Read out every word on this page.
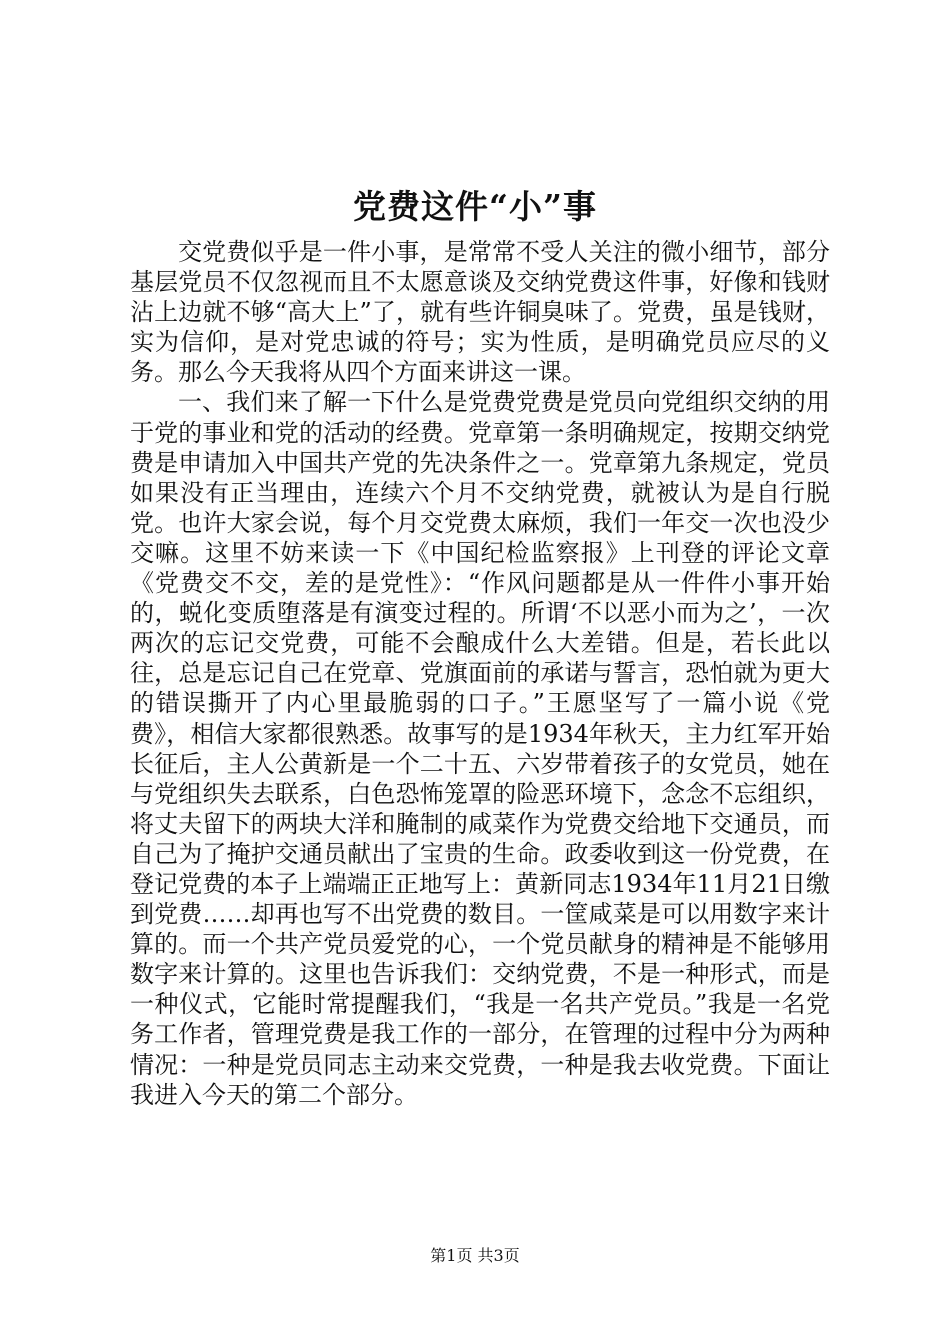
党费这件“小”事

交党费似乎是一件小事，是常常不受人关注的微小细节，部分基层党员不仅忽视而且不太愿意谈及交纳党费这件事，好像和钱财沾上边就不够“高大上”了，就有些许铜臭味了。党费，虽是钱财，实为信仰，是对党忠诚的符号；实为性质，是明确党员应尽的义务。那么今天我将从四个方面来讲这一课。

一、我们来了解一下什么是党费党费是党员向党组织交纳的用于党的事业和党的活动的经费。党章第一条明确规定，按期交纳党费是申请加入中国共产党的先决条件之一。党章第九条规定，党员如果没有正当理由，连续六个月不交纳党费，就被认为是自行脱党。也许大家会说，每个月交党费太麻烦，我们一年交一次也没少交嘛。这里不妨来读一下《中国纪检监察报》上刊登的评论文章《党费交不交，差的是党性》：“作风问题都是从一件件小事开始的，蜕化变质堕落是有演变过程的。所谓‘不以恶小而为之’，一次两次的忘记交党费，可能不会酿成什么大差错。但是，若长此以往，总是忘记自己在党章、党旗面前的承诺与誓言，恐怕就为更大的错误撕开了内心里最脆弱的口子。”王愿坚写了一篇小说《党费》，相信大家都很熟悉。故事写的是1934年秋天，主力红军开始长征后，主人公黄新是一个二十五、六岁带着孩子的女党员，她在与党组织失去联系，白色恐怖笼罩的险恶环境下，念念不忘组织，将丈夫留下的两块大洋和腌制的咸菜作为党费交给地下交通员，而自己为了掩护交通员献出了宝贵的生命。政委收到这一份党费，在登记党费的本子上端端正正地写上：黄新同志1934年11月21日缴到党费……却再也写不出党费的数目。一筐咸菜是可以用数字来计算的。而一个共产党员爱党的心，一个党员献身的精神是不能够用数字来计算的。这里也告诉我们：交纳党费，不是一种形式，而是一种仪式，它能时常提醒我们，“我是一名共产党员。”我是一名党务工作者，管理党费是我工作的一部分，在管理的过程中分为两种情况：一种是党员同志主动来交党费，一种是我去收党费。下面让我进入今天的第二个部分。

第1页 共3页
